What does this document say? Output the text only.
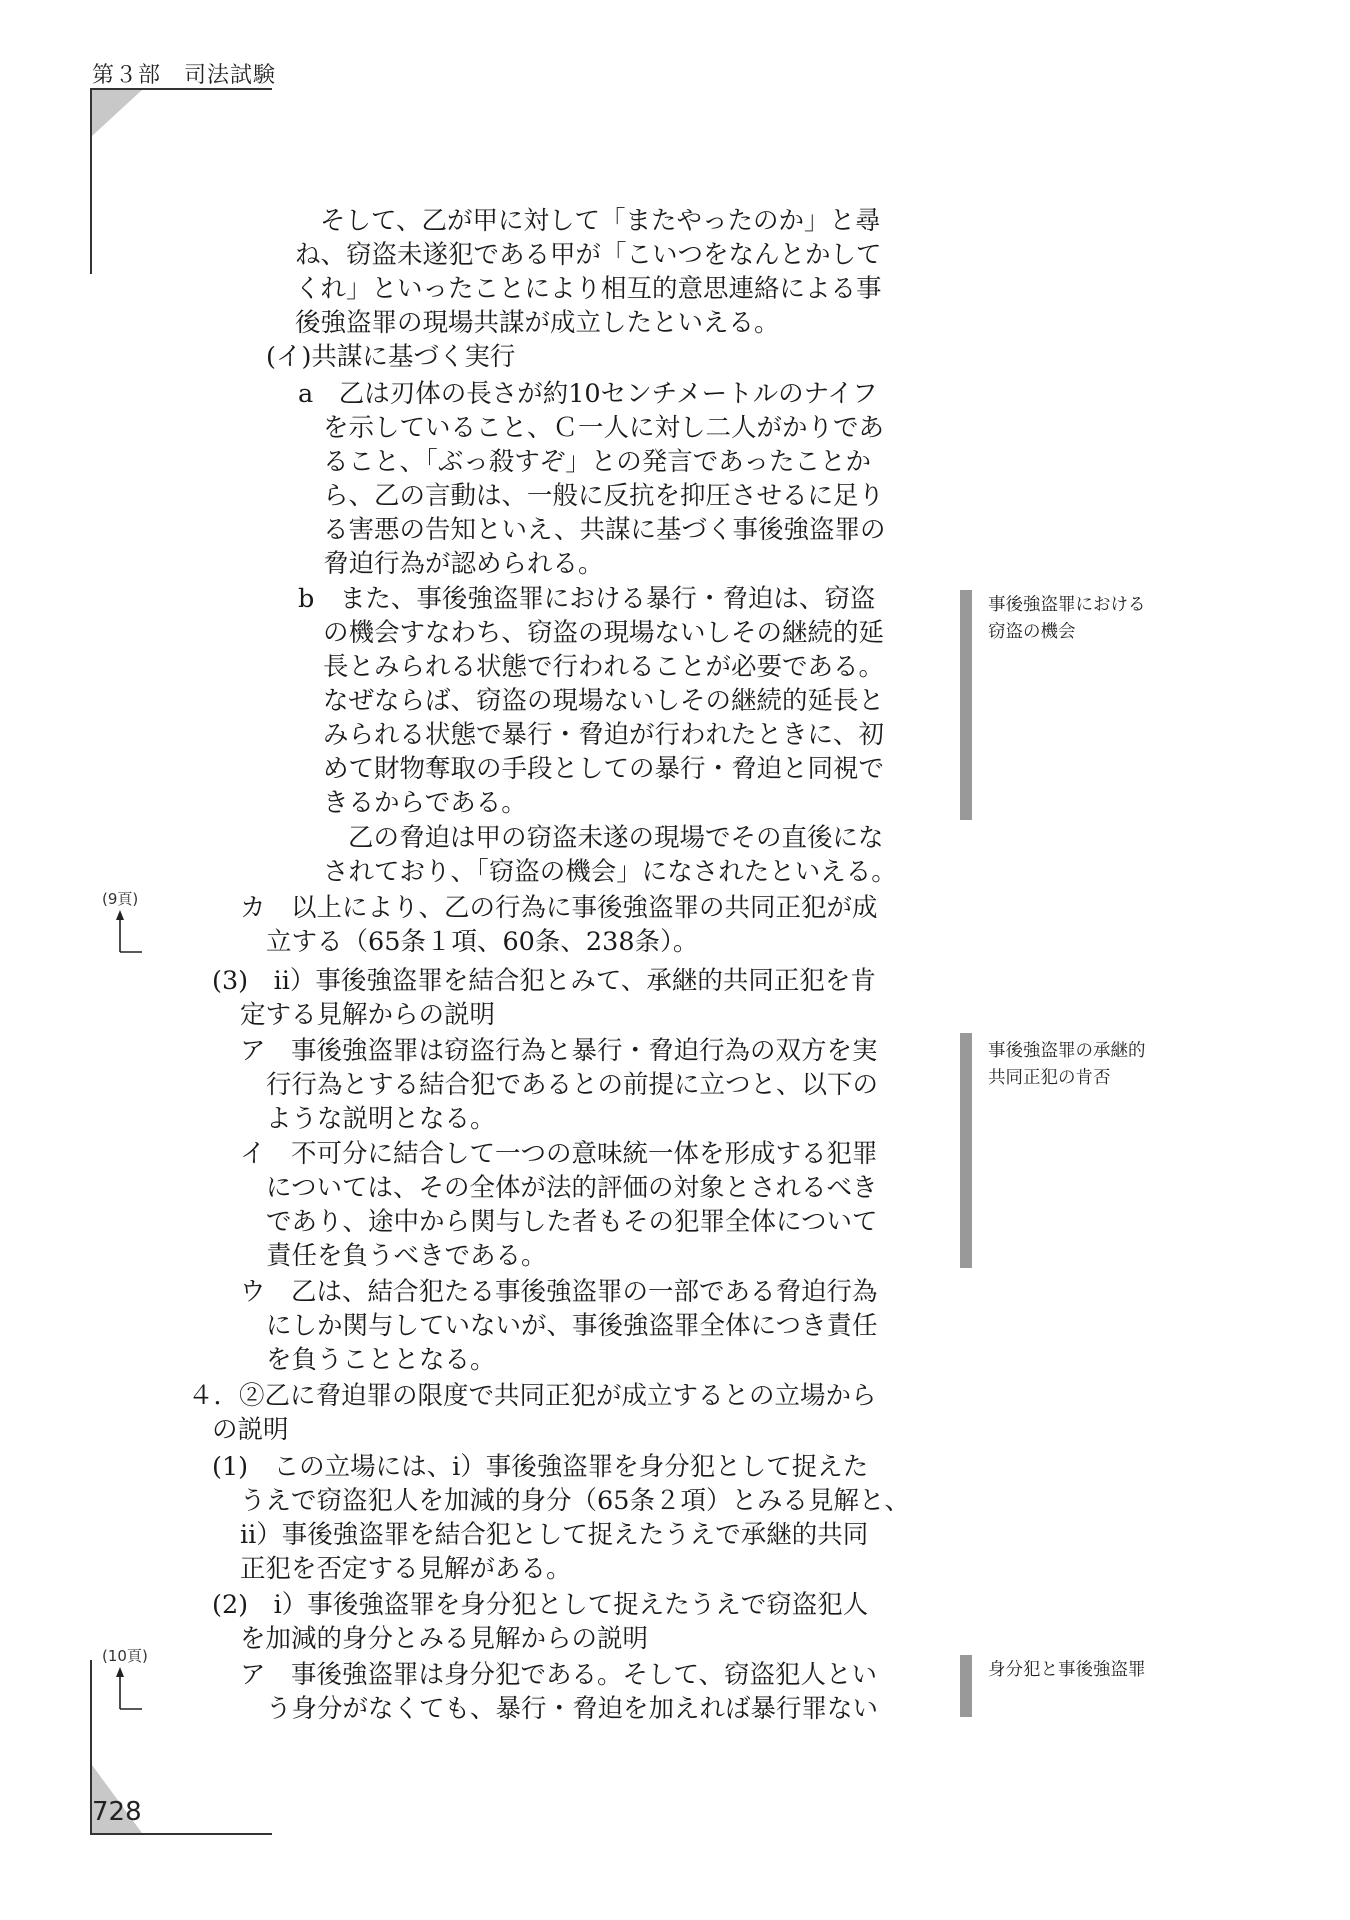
第３部　司法試験
そして、乙が甲に対して「またやったのか」と尋
ね、窃盗未遂犯である甲が「こいつをなんとかして
くれ」といったことにより相互的意思連絡による事
後強盗罪の現場共謀が成立したといえる。
(イ)共謀に基づく実行
a　乙は刃体の長さが約10センチメートルのナイフ
を示していること、Ｃ一人に対し二人がかりであ
ること、「ぶっ殺すぞ」との発言であったことか
ら、乙の言動は、一般に反抗を抑圧させるに足り
る害悪の告知といえ、共謀に基づく事後強盗罪の
脅迫行為が認められる。
b　また、事後強盗罪における暴行・脅迫は、窃盗
の機会すなわち、窃盗の現場ないしその継続的延
長とみられる状態で行われることが必要である。
なぜならば、窃盗の現場ないしその継続的延長と
みられる状態で暴行・脅迫が行われたときに、初
めて財物奪取の手段としての暴行・脅迫と同視で
きるからである。
乙の脅迫は甲の窃盗未遂の現場でその直後にな
されており、「窃盗の機会」になされたといえる。
カ　以上により、乙の行為に事後強盗罪の共同正犯が成
立する（65条１項、60条、238条）。
(3)　ⅱ）事後強盗罪を結合犯とみて、承継的共同正犯を肯
定する見解からの説明
ア　事後強盗罪は窃盗行為と暴行・脅迫行為の双方を実
行行為とする結合犯であるとの前提に立つと、以下の
ような説明となる。
イ　不可分に結合して一つの意味統一体を形成する犯罪
については、その全体が法的評価の対象とされるべき
であり、途中から関与した者もその犯罪全体について
責任を負うべきである。
ウ　乙は、結合犯たる事後強盗罪の一部である脅迫行為
にしか関与していないが、事後強盗罪全体につき責任
を負うこととなる。
４．②乙に脅迫罪の限度で共同正犯が成立するとの立場から
の説明
(1)　この立場には、ⅰ）事後強盗罪を身分犯として捉えた
うえで窃盗犯人を加減的身分（65条２項）とみる見解と、
ⅱ）事後強盗罪を結合犯として捉えたうえで承継的共同
正犯を否定する見解がある。
(2)　ⅰ）事後強盗罪を身分犯として捉えたうえで窃盗犯人
を加減的身分とみる見解からの説明
ア　事後強盗罪は身分犯である。そして、窃盗犯人とい
う身分がなくても、暴行・脅迫を加えれば暴行罪ない
事後強盗罪における
窃盗の機会
事後強盗罪の承継的
共同正犯の肯否
身分犯と事後強盗罪
(9頁)
(10頁)
728
